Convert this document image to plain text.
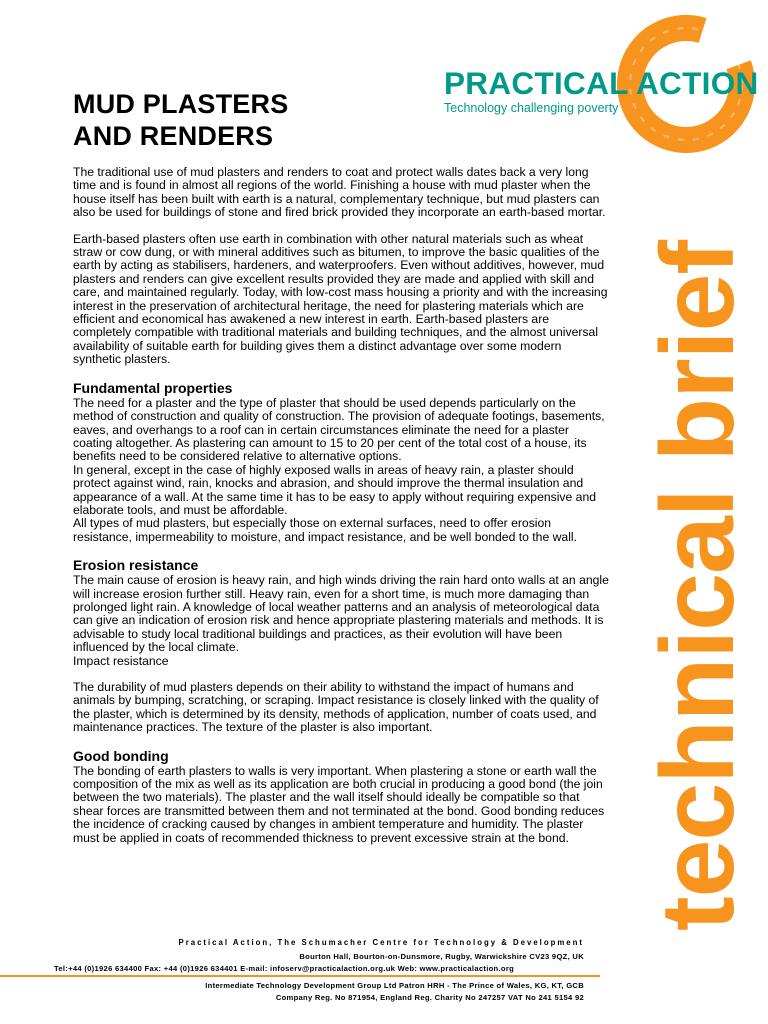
MUD PLASTERS
AND RENDERS
PRACTICAL ACTION
Technology challenging poverty
technical brief

The traditional use of mud plasters and renders to coat and protect walls dates back a very long time and is found in almost all regions of the world. Finishing a house with mud plaster when the house itself has been built with earth is a natural, complementary technique, but mud plasters can also be used for buildings of stone and fired brick provided they incorporate an earth-based mortar.

Earth-based plasters often use earth in combination with other natural materials such as wheat straw or cow dung, or with mineral additives such as bitumen, to improve the basic qualities of the earth by acting as stabilisers, hardeners, and waterproofers. Even without additives, however, mud plasters and renders can give excellent results provided they are made and applied with skill and care, and maintained regularly. Today, with low-cost mass housing a priority and with the increasing interest in the preservation of architectural heritage, the need for plastering materials which are efficient and economical has awakened a new interest in earth. Earth-based plasters are completely compatible with traditional materials and building techniques, and the almost universal availability of suitable earth for building gives them a distinct advantage over some modern synthetic plasters.

Fundamental properties

The need for a plaster and the type of plaster that should be used depends particularly on the method of construction and quality of construction. The provision of adequate footings, basements, eaves, and overhangs to a roof can in certain circumstances eliminate the need for a plaster coating altogether. As plastering can amount to 15 to 20 per cent of the total cost of a house, its benefits need to be considered relative to alternative options.

In general, except in the case of highly exposed walls in areas of heavy rain, a plaster should protect against wind, rain, knocks and abrasion, and should improve the thermal insulation and appearance of a wall. At the same time it has to be easy to apply without requiring expensive and elaborate tools, and must be affordable.

All types of mud plasters, but especially those on external surfaces, need to offer erosion resistance, impermeability to moisture, and impact resistance, and be well bonded to the wall.

Erosion resistance

The main cause of erosion is heavy rain, and high winds driving the rain hard onto walls at an angle will increase erosion further still. Heavy rain, even for a short time, is much more damaging than prolonged light rain. A knowledge of local weather patterns and an analysis of meteorological data can give an indication of erosion risk and hence appropriate plastering materials and methods. It is advisable to study local traditional buildings and practices, as their evolution will have been influenced by the local climate.

Impact resistance

The durability of mud plasters depends on their ability to withstand the impact of humans and animals by bumping, scratching, or scraping. Impact resistance is closely linked with the quality of the plaster, which is determined by its density, methods of application, number of coats used, and maintenance practices. The texture of the plaster is also important.

Good bonding

The bonding of earth plasters to walls is very important. When plastering a stone or earth wall the composition of the mix as well as its application are both crucial in producing a good bond (the join between the two materials). The plaster and the wall itself should ideally be compatible so that shear forces are transmitted between them and not terminated at the bond. Good bonding reduces the incidence of cracking caused by changes in ambient temperature and humidity. The plaster must be applied in coats of recommended thickness to prevent excessive strain at the bond.

Practical Action, The Schumacher Centre for Technology & Development
Bourton Hall, Bourton-on-Dunsmore, Rugby, Warwickshire CV23 9QZ, UK
Tel:+44 (0)1926 634400 Fax: +44 (0)1926 634401 E-mail: infoserv@practicalaction.org.uk Web: www.practicalaction.org
Intermediate Technology Development Group Ltd Patron HRH - The Prince of Wales, KG, KT, GCB
Company Reg. No 871954, England Reg. Charity No 247257 VAT No 241 5154 92
